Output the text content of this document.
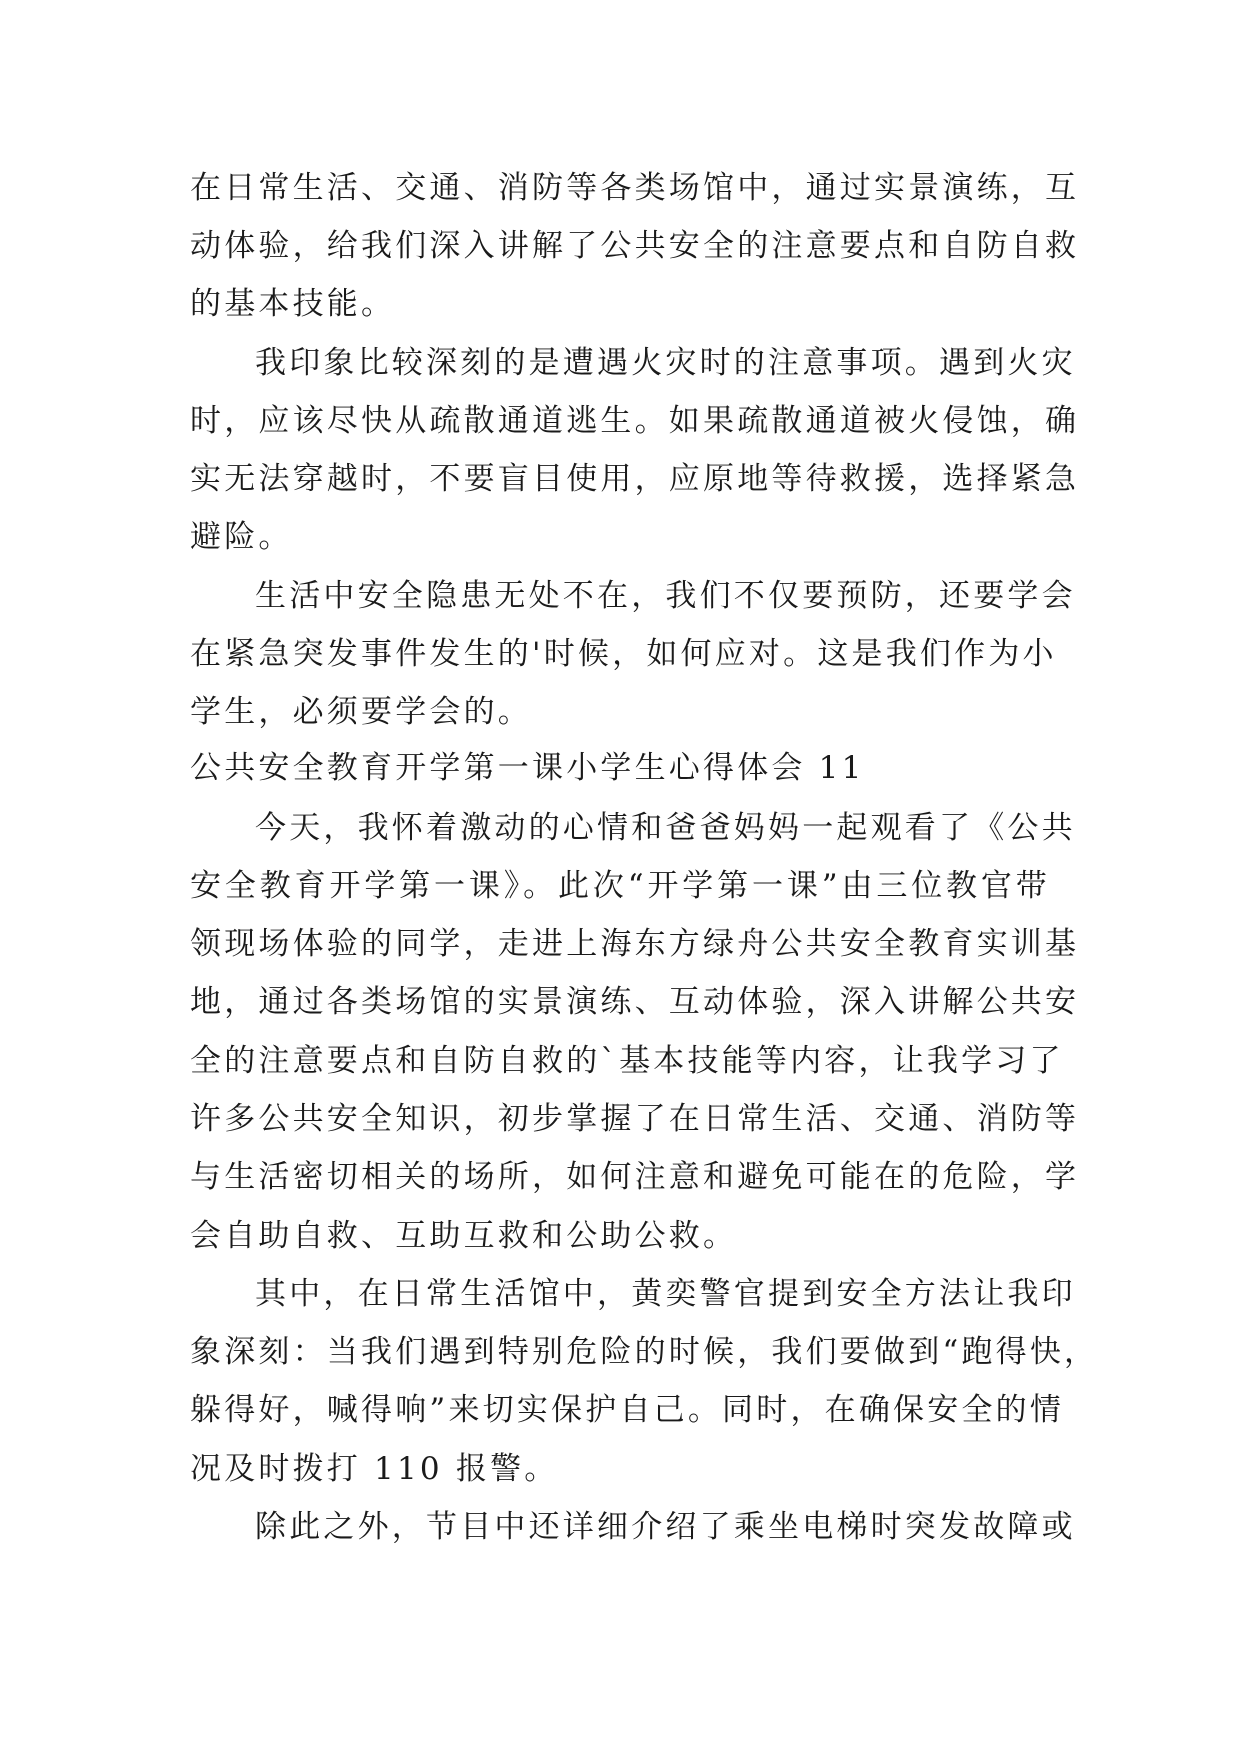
在日常生活、交通、消防等各类场馆中，通过实景演练，互
动体验，给我们深入讲解了公共安全的注意要点和自防自救
的基本技能。
我印象比较深刻的是遭遇火灾时的注意事项。遇到火灾
时，应该尽快从疏散通道逃生。如果疏散通道被火侵蚀，确
实无法穿越时，不要盲目使用，应原地等待救援，选择紧急
避险。
生活中安全隐患无处不在，我们不仅要预防，还要学会
在紧急突发事件发生的'时候，如何应对。这是我们作为小
学生，必须要学会的。
公共安全教育开学第一课小学生心得体会 11
今天，我怀着激动的心情和爸爸妈妈一起观看了《公共
安全教育开学第一课》。此次“开学第一课”由三位教官带
领现场体验的同学，走进上海东方绿舟公共安全教育实训基
地，通过各类场馆的实景演练、互动体验，深入讲解公共安
全的注意要点和自防自救的`基本技能等内容，让我学习了
许多公共安全知识，初步掌握了在日常生活、交通、消防等
与生活密切相关的场所，如何注意和避免可能在的危险，学
会自助自救、互助互救和公助公救。
其中，在日常生活馆中，黄奕警官提到安全方法让我印
象深刻：当我们遇到特别危险的时候，我们要做到“跑得快，
躲得好，喊得响”来切实保护自己。同时，在确保安全的情
况及时拨打 110 报警。
除此之外，节目中还详细介绍了乘坐电梯时突发故障或
